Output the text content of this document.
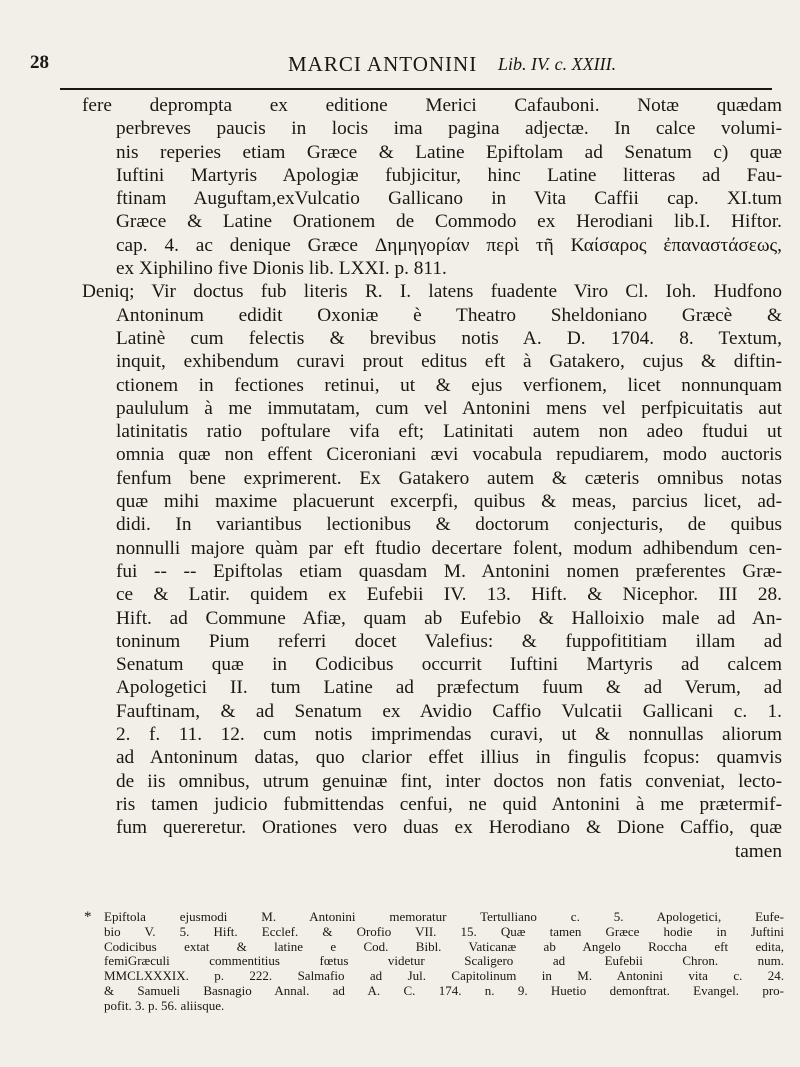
28	MARCI ANTONINI Lib. IV. c. XXIII.
fere deprompta ex editione Merici Cafauboni. Notæ quædam
perbreves paucis in locis ima pagina adjectæ. In calce volumi-
nis reperies etiam Græce & Latine Epiftolam ad Senatum c) quæ
Iuftini Martyris Apologiæ fubjicitur, hinc Latine litteras ad Fau-
ftinam Auguftam,exVulcatio Gallicano in Vita Caffii cap. XI.tum
Græce & Latine Orationem de Commodo ex Herodiani lib.I. Hiftor.
cap. 4. ac denique Græce Δημηγορίαν περὶ τῆ Καίσαρος ἐπαναστάσεως,
ex Xiphilino five Dionis lib. LXXI. p. 811.
Deniq; Vir doctus fub literis R. I. latens fuadente Viro Cl. Ioh. Hudfono
Antoninum edidit Oxoniæ è Theatro Sheldoniano Græcè &
Latinè cum felectis & brevibus notis A. D. 1704. 8. Textum,
inquit, exhibendum curavi prout editus eft à Gatakero, cujus & diftin-
ctionem in fectiones retinui, ut & ejus verfionem, licet nonnunquam
paululum à me immutatam, cum vel Antonini mens vel perfpicuitatis aut
latinitatis ratio poftulare vifa eft; Latinitati autem non adeo ftudui ut
omnia quæ non effent Ciceroniani ævi vocabula repudiarem, modo auctoris
fenfum bene exprimerent. Ex Gatakero autem & cæteris omnibus notas
quæ mihi maxime placuerunt excerpfi, quibus & meas, parcius licet, ad-
didi. In variantibus lectionibus & doctorum conjecturis, de quibus
nonnulli majore quàm par eft ftudio decertare folent, modum adhibendum cen-
fui -- -- Epiftolas etiam quasdam M. Antonini nomen præferentes Græ-
ce & Latir. quidem ex Eufebii IV. 13. Hift. & Nicephor. III 28.
Hift. ad Commune Afiæ, quam ab Eufebio & Halloixio male ad An-
toninum Pium referri docet Valefius: & fuppofititiam illam ad
Senatum quæ in Codicibus occurrit Iuftini Martyris ad calcem
Apologetici II. tum Latine ad præfectum fuum & ad Verum, ad
Fauftinam, & ad Senatum ex Avidio Caffio Vulcatii Gallicani c. 1.
2. f. 11. 12. cum notis imprimendas curavi, ut & nonnullas aliorum
ad Antoninum datas, quo clarior effet illius in fingulis fcopus: quamvis
de iis omnibus, utrum genuinæ fint, inter doctos non fatis conveniat, lecto-
ris tamen judicio fubmittendas cenfui, ne quid Antonini à me prætermif-
fum quereretur. Orationes vero duas ex Herodiano & Dione Caffio, quæ
tamen
* Epiftola ejusmodi M. Antonini memoratur Tertulliano c. 5. Apologetici, Eufe-
bio V. 5. Hift. Ecclef. & Orofio VII. 15. Quæ tamen Græce hodie in Juftini
Codicibus extat & latine e Cod. Bibl. Vaticanæ ab Angelo Roccha eft edita,
femiGræculi commentitius fœtus videtur Scaligero ad Eufebii Chron. num.
MMCLXXXIX. p. 222. Salmafio ad Jul. Capitolinum in M. Antonini vita c. 24.
& Samueli Basnagio Annal. ad A. C. 174. n. 9. Huetio demonftrat. Evangel. pro-
pofit. 3. p. 56. aliisque.
